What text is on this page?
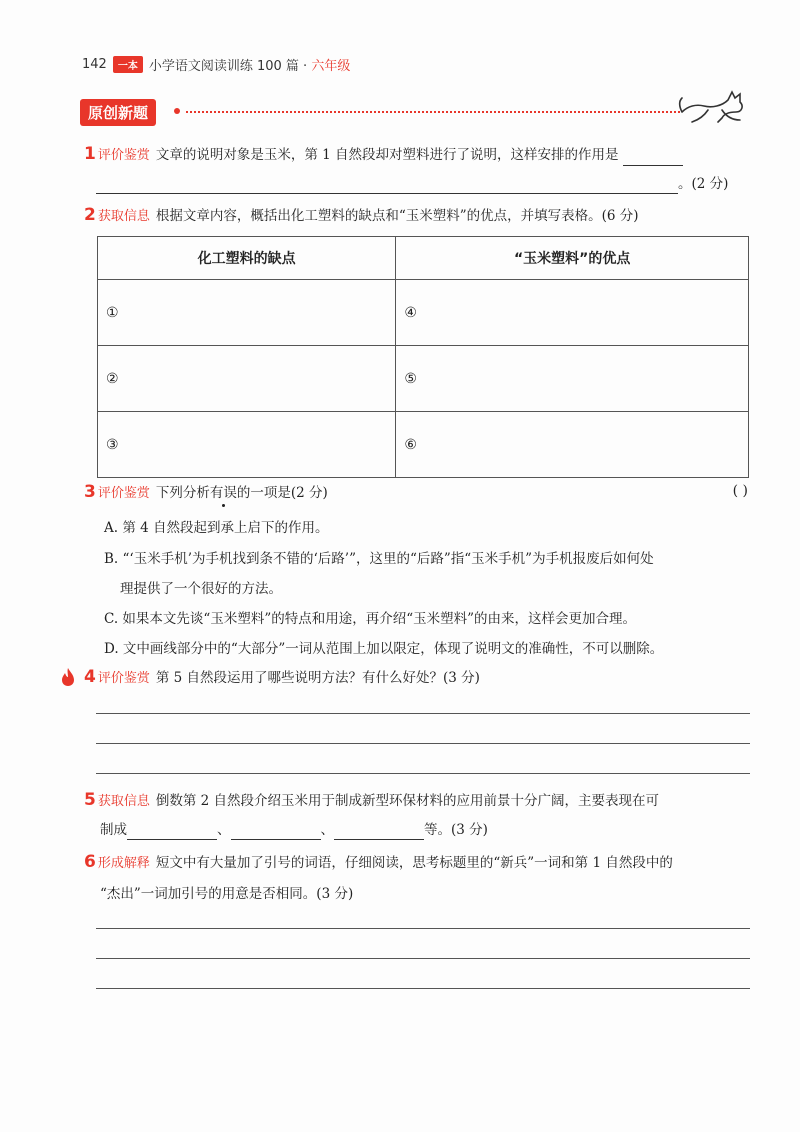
142	一本 小学语文阅读训练 100 篇 · 六年级
原创新题
1 评价鉴赏 文章的说明对象是玉米，第 1 自然段却对塑料进行了说明，这样安排的作用是
。(2 分)
2 获取信息 根据文章内容，概括出化工塑料的缺点和“玉米塑料”的优点，并填写表格。(6 分)
化工塑料的缺点	“玉米塑料”的优点
①	④
②	⑤
③	⑥
3 评价鉴赏 下列分析有误的一项是(2 分)	( )
A. 第 4 自然段起到承上启下的作用。
B. “‘玉米手机’为手机找到条不错的‘后路’”，这里的“后路”指“玉米手机”为手机报废后如何处
理提供了一个很好的方法。
C. 如果本文先谈“玉米塑料”的特点和用途，再介绍“玉米塑料”的由来，这样会更加合理。
D. 文中画线部分中的“大部分”一词从范围上加以限定，体现了说明文的准确性，不可以删除。
4 评价鉴赏 第 5 自然段运用了哪些说明方法？有什么好处？(3 分)
5 获取信息 倒数第 2 自然段介绍玉米用于制成新型环保材料的应用前景十分广阔，主要表现在可
制成	、	、	等。(3 分)
6 形成解释 短文中有大量加了引号的词语，仔细阅读，思考标题里的“新兵”一词和第 1 自然段中的
“杰出”一词加引号的用意是否相同。(3 分)
